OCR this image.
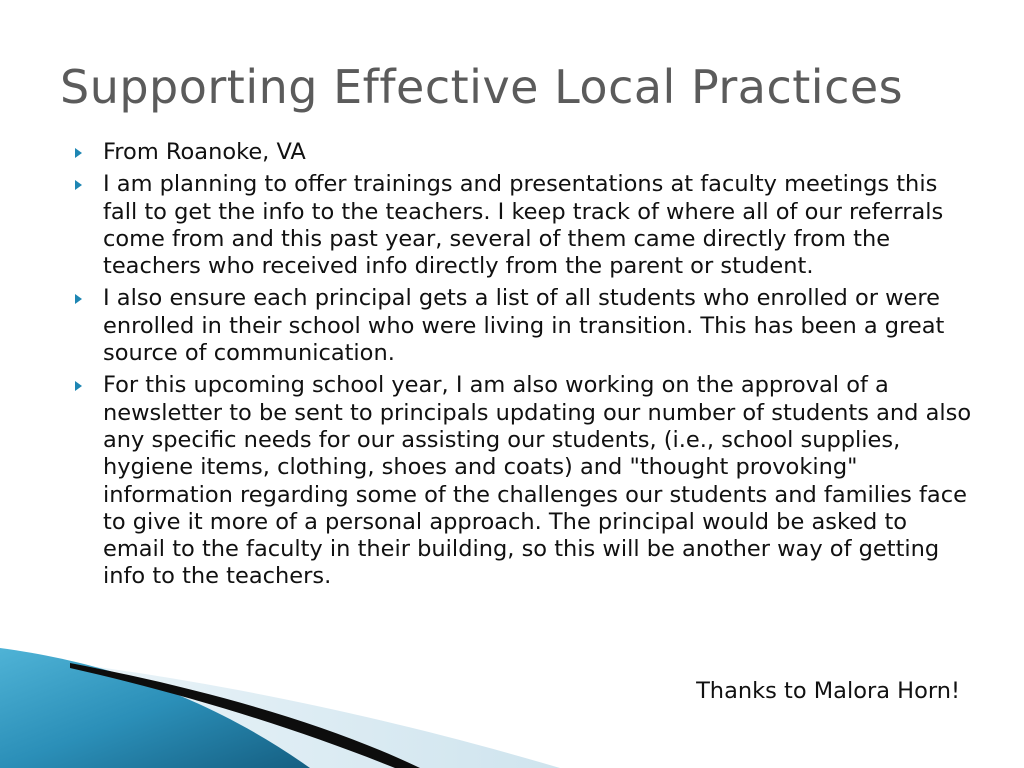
Supporting Effective Local Practices
From Roanoke, VA
I am planning to offer trainings and presentations at faculty meetings this fall to get the info to the teachers. I keep track of where all of our referrals come from and this past year, several of them came directly from the teachers who received info directly from the parent or student.
I also ensure each principal gets a list of all students who enrolled or were enrolled in their school who were living in transition. This has been a great source of communication.
For this upcoming school year, I am also working on the approval of a newsletter to be sent to principals updating our number of students and also any specific needs for our assisting our students, (i.e., school supplies, hygiene items, clothing, shoes and coats) and "thought provoking" information regarding some of the challenges our students and families face to give it more of a personal approach. The principal would be asked to email to the faculty in their building, so this will be another way of getting info to the teachers.

Thanks to Malora Horn!
